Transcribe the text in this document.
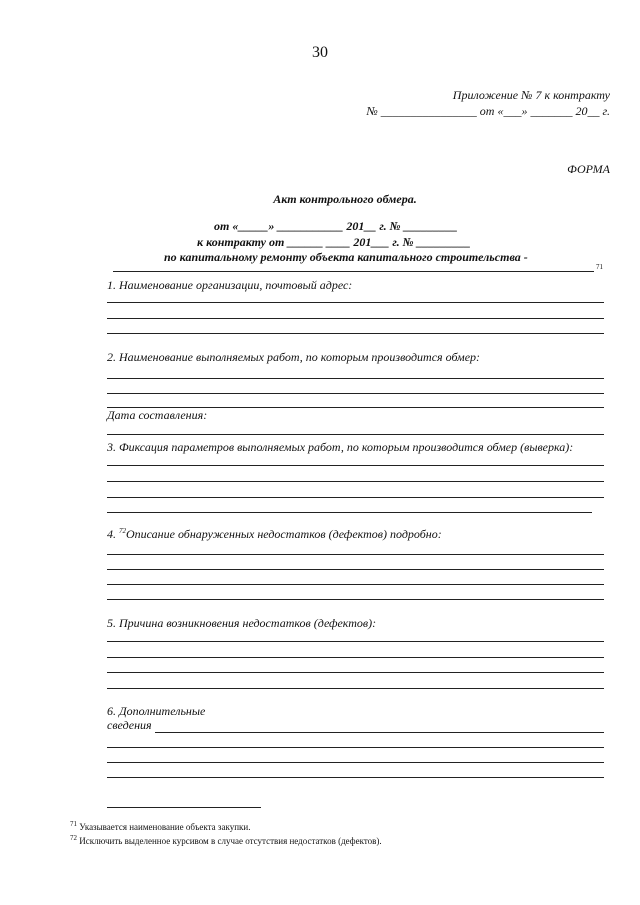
30
Приложение № 7 к контракту
№ ________________ от «___» _______ 20__ г.
ФОРМА
Акт контрольного обмера.
от «_____» ___________ 201__ г. № _________
к контракту от ______ ____ 201___ г. № _________
по капитальному ремонту объекта капитального строительства -
71
1. Наименование организации, почтовый адрес:
2. Наименование выполняемых работ, по которым производится обмер:
Дата составления:
3. Фиксация параметров выполняемых работ, по которым производится обмер (выверка):
4. $^{72}$Описание обнаруженных недостатков (дефектов) подробно:
5. Причина возникновения недостатков (дефектов):
6. Дополнительные
сведения
$^{71}$ Указывается наименование объекта закупки.
$^{72}$ Исключить выделенное курсивом в случае отсутствия недостатков (дефектов).
